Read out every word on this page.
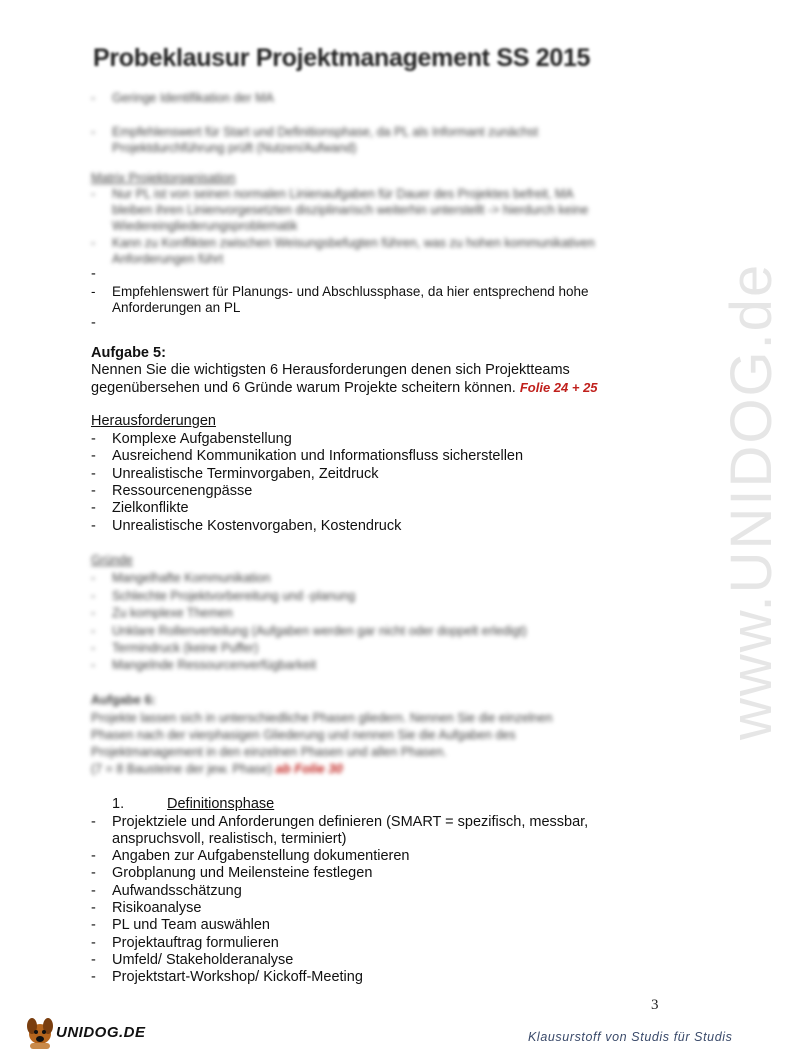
Probeklausur Projektmanagement SS 2015
www.UNIDOG.de
- Geringe Identifikation der MA
- Empfehlenswert für Start und Definitionsphase, da PL als Informant zunächst
Projektdurchführung prüft (Nutzen/Aufwand)
Matrix Projektorganisation
- Nur PL ist von seinen normalen Linienaufgaben für Dauer des Projektes befreit, MA
bleiben ihren Linienvorgesetzten disziplinarisch weiterhin unterstellt -> hierdurch keine
Wiedereingliederungsproblematik
- Kann zu Konflikten zwischen Weisungsbefugten führen, was zu hohen kommunikativen
Anforderungen führt
-
- Empfehlenswert für Planungs- und Abschlussphase, da hier entsprechend hohe
Anforderungen an PL
-
Aufgabe 5:
Nennen Sie die wichtigsten 6 Herausforderungen denen sich Projektteams
gegenübersehen und 6 Gründe warum Projekte scheitern können. Folie 24 + 25
Herausforderungen
- Komplexe Aufgabenstellung
- Ausreichend Kommunikation und Informationsfluss sicherstellen
- Unrealistische Terminvorgaben, Zeitdruck
- Ressourcenengpässe
- Zielkonflikte
- Unrealistische Kostenvorgaben, Kostendruck
Gründe
- Mangelhafte Kommunikation
- Schlechte Projektvorbereitung und -planung
- Zu komplexe Themen
- Unklare Rollenverteilung (Aufgaben werden gar nicht oder doppelt erledigt)
- Termindruck (keine Puffer)
- Mangelnde Ressourcenverfügbarkeit
Aufgabe 6:
Projekte lassen sich in unterschiedliche Phasen gliedern. Nennen Sie die einzelnen
Phasen nach der vierphasigen Gliederung und nennen Sie die Aufgaben des
Projektmanagement in den einzelnen Phasen und allen Phasen.
(7 = 8 Bausteine der jew. Phase) ab Folie 30
1.	Definitionsphase
- Projektziele und Anforderungen definieren (SMART = spezifisch, messbar,
anspruchsvoll, realistisch, terminiert)
- Angaben zur Aufgabenstellung dokumentieren
- Grobplanung und Meilensteine festlegen
- Aufwandsschätzung
- Risikoanalyse
- PL und Team auswählen
- Projektauftrag formulieren
- Umfeld/ Stakeholderanalyse
- Projektstart-Workshop/ Kickoff-Meeting
3
UNIDOG.DE	Klausurstoff von Studis für Studis
